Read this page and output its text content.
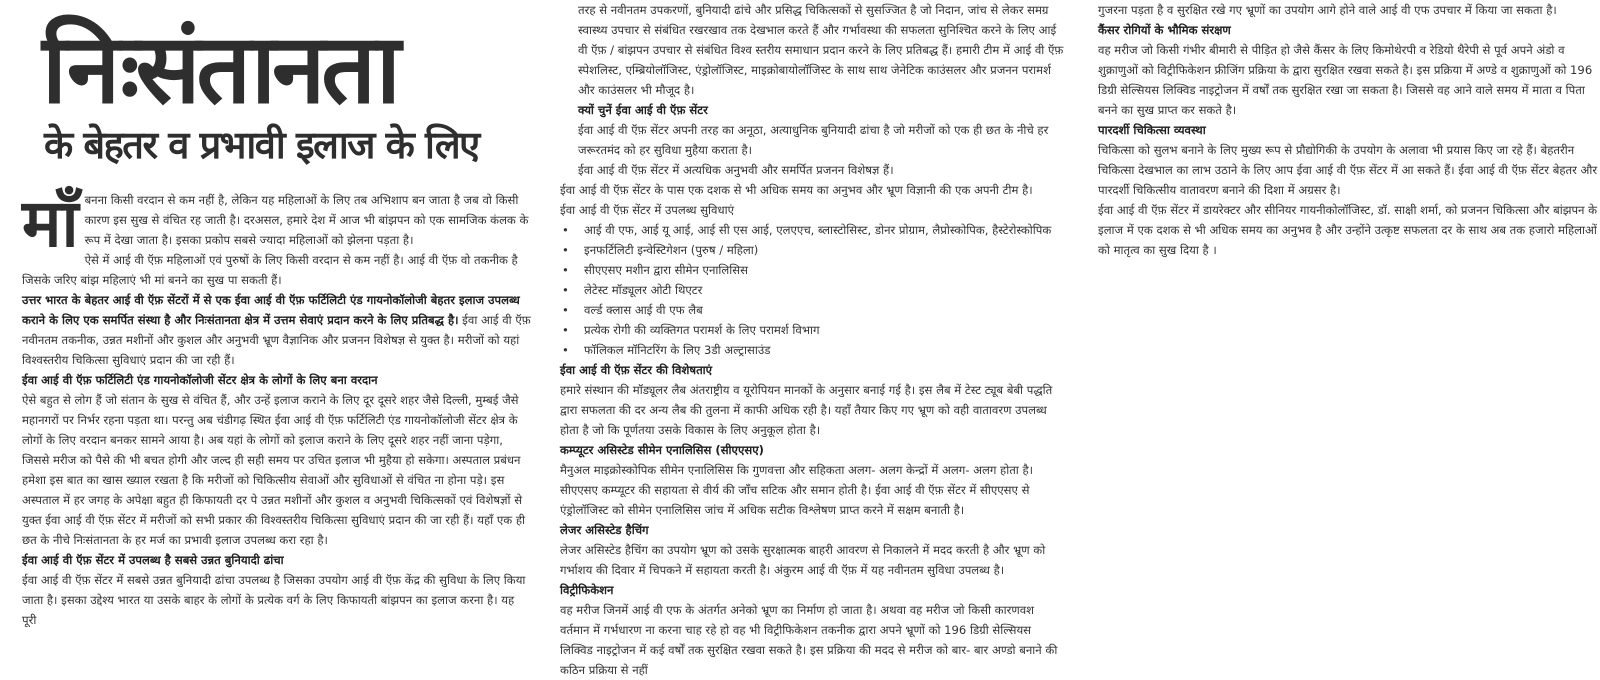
निःसंतानता
के बेहतर व प्रभावी इलाज के लिए

माँ बनना किसी वरदान से कम नहीं है, लेकिन यह महिलाओं के लिए तब अभिशाप बन जाता है जब वो किसी कारण इस सुख से वंचित रह जाती है। दरअसल, हमारे देश में आज भी बांझपन को एक सामजिक कंलक के रूप में देखा जाता है। इसका प्रकोप सबसे ज्यादा महिलाओं को झेलना पड़ता है।

ऐसे में आई वी ऍफ़ महिलाओं एवं पुरुषों के लिए किसी वरदान से कम नहीं है। आई वी ऍफ़ वो तकनीक है जिसके जरिए बांझ महिलाएं भी मां बनने का सुख पा सकती हैं।

उत्तर भारत के बेहतर आई वी ऍफ़ सेंटरों में से एक ईवा आई वी ऍफ़ फर्टिलिटी एंड गायनोकॉलोजी बेहतर इलाज उपलब्ध कराने के लिए एक समर्पित संस्था है और निःसंतानता क्षेत्र में उत्तम सेवाएं प्रदान करने के लिए प्रतिबद्ध है। ईवा आई वी ऍफ़ नवीनतम तकनीक, उन्नत मशीनों और कुशल और अनुभवी भ्रूण वैज्ञानिक और प्रजनन विशेषज्ञ से युक्त है। मरीजों को यहां विश्वस्तरीय चिकित्सा सुविधाएं प्रदान की जा रही हैं।

ईवा आई वी ऍफ़ फर्टिलिटी एंड गायनोकॉलोजी सेंटर क्षेत्र के लोगों के लिए बना वरदान

ऐसे बहुत से लोग हैं जो संतान के सुख से वंचित हैं, और उन्हें इलाज कराने के लिए दूर दूसरे शहर जैसे दिल्ली, मुम्बई जैसे महानगरों पर निर्भर रहना पड़ता था। परन्तु अब चंडीगढ़ स्थित ईवा आई वी ऍफ़ फर्टिलिटी एंड गायनोकॉलोजी सेंटर क्षेत्र के लोगों के लिए वरदान बनकर सामने आया है। अब यहां के लोगों को इलाज कराने के लिए दूसरे शहर नहीं जाना पड़ेगा, जिससे मरीज को पैसे की भी बचत होगी और जल्द ही सही समय पर उचित इलाज भी मुहैया हो सकेगा। अस्पताल प्रबंधन हमेशा इस बात का खास ख्याल रखता है कि मरीजों को चिकित्सीय सेवाओं और सुविधाओं से वंचित ना होना पड़े। इस अस्पताल में हर जगह के अपेक्षा बहुत ही किफायती दर पे उन्नत मशीनों और कुशल व अनुभवी चिकित्सकों एवं विशेषज्ञों से युक्त ईवा आई वी ऍफ़ सेंटर में मरीजों को सभी प्रकार की विश्वस्तरीय चिकित्सा सुविधाएं प्रदान की जा रही हैं। यहाँ एक ही छत के नीचे निःसंतानता के हर मर्ज का प्रभावी इलाज उपलब्ध करा रहा है।

ईवा आई वी ऍफ़ सेंटर में उपलब्ध है सबसे उन्नत बुनियादी ढांचा

ईवा आई वी ऍफ़ सेंटर में सबसे उन्नत बुनियादी ढांचा उपलब्ध है जिसका उपयोग आई वी ऍफ़ केंद्र की सुविधा के लिए किया जाता है। इसका उद्देश्य भारत या उसके बाहर के लोगों के प्रत्येक वर्ग के लिए किफायती बांझपन का इलाज करना है। यह पूरी

तरह से नवीनतम उपकरणों, बुनियादी ढांचे और प्रसिद्ध चिकित्सकों से सुसज्जित है जो निदान, जांच से लेकर समग्र स्वास्थ्य उपचार से संबंधित रखरखाव तक देखभाल करते हैं और गर्भावस्था की सफलता सुनिश्चित करने के लिए आई वी ऍफ़ / बांझपन उपचार से संबंधित विश्व स्तरीय समाधान प्रदान करने के लिए प्रतिबद्ध हैं। हमारी टीम में आई वी ऍफ़ स्पेशलिस्ट, एम्ब्रियोलॉजिस्ट, एंड्रोलॉजिस्ट, माइक्रोबायोलॉजिस्ट के साथ साथ जेनेटिक काउंसलर और प्रजनन परामर्श और काउंसलर भी मौजूद है।

क्यों चुनें ईवा आई वी ऍफ़ सेंटर

ईवा आई वी ऍफ़ सेंटर अपनी तरह का अनूठा, अत्याधुनिक बुनियादी ढांचा है जो मरीजों को एक ही छत के नीचे हर जरूरतमंद को हर सुविधा मुहैया कराता है।

ईवा आई वी ऍफ़ सेंटर में अत्यधिक अनुभवी और समर्पित प्रजनन विशेषज्ञ हैं।

ईवा आई वी ऍफ़ सेंटर के पास एक दशक से भी अधिक समय का अनुभव और भ्रूण विज्ञानी की एक अपनी टीम है।

ईवा आई वी ऍफ़ सेंटर में उपलब्ध सुविधाएं

• आई वी एफ, आई यू आई, आई सी एस आई, एलएएच, ब्लास्टोसिस्ट, डोनर प्रोग्राम, लैप्रोस्कोपिक, हैस्टेरोस्कोपिक
• इनफर्टिलिटी इन्वेस्टिगेशन (पुरुष / महिला)
• सीएएसए मशीन द्वारा सीमेन एनालिसिस
• लेटेस्ट मॉड्यूलर ओटी थिएटर
• वर्ल्ड क्लास आई वी एफ लैब
• प्रत्येक रोगी की व्यक्तिगत परामर्श के लिए परामर्श विभाग
• फॉलिकल मॉनिटरिंग के लिए 3डी अल्ट्रासाउंड
ईवा आई वी ऍफ़ सेंटर की विशेषताएं

हमारे संस्थान की मॉड्यूलर लैब अंतराष्ट्रीय व यूरोपियन मानकों के अनुसार बनाई गई है। इस लैब में टेस्ट ट्यूब बेबी पद्धति द्वारा सफलता की दर अन्य लैब की तुलना में काफी अधिक रही है। यहाँ तैयार किए गए भ्रूण को वही वातावरण उपलब्ध होता है जो कि पूर्णतया उसके विकास के लिए अनुकूल होता है।

कम्प्यूटर असिस्टेड सीमेन एनालिसिस (सीएएसए)

मैनुअल माइक्रोस्कोपिक सीमेन एनालिसिस कि गुणवत्ता और सहिकता अलग- अलग केन्द्रों में अलग- अलग होता है। सीएएसए कम्प्यूटर की सहायता से वीर्य की जाँच सटिक और समान होती है। ईवा आई वी ऍफ़ सेंटर में सीएएसए से एंड्रोलॉजिस्ट को सीमेन एनालिसिस जांच में अधिक सटीक विश्लेषण प्राप्त करने में सक्षम बनाती है।

लेजर असिस्टेड हैचिंग

लेजर असिस्टेड हैचिंग का उपयोग भ्रूण को उसके सुरक्षात्मक बाहरी आवरण से निकालने में मदद करती है और भ्रूण को गर्भाशय की दिवार में चिपकने में सहायता करती है। अंकुरम आई वी ऍफ़ में यह नवीनतम सुविधा उपलब्ध है।

विट्रीफिकेशन

वह मरीज जिनमें आई वी एफ के अंतर्गत अनेको भ्रूण का निर्माण हो जाता है। अथवा वह मरीज जो किसी कारणवश वर्तमान में गर्भधारण ना करना चाह रहे हो वह भी विट्रीफिकेशन तकनीक द्वारा अपने भ्रूणों को 196 डिग्री सेल्सियस लिक्विड नाइट्रोजन में कई वर्षों तक सुरक्षित रखवा सकते है। इस प्रक्रिया की मदद से मरीज को बार- बार अण्डो बनाने की कठिन प्रक्रिया से नहीं

गुजरना पड़ता है व सुरक्षित रखे गए भ्रूणों का उपयोग आगे होने वाले आई वी एफ उपचार में किया जा सकता है।

कैंसर रोगियों के भौमिक संरक्षण

वह मरीज जो किसी गंभीर बीमारी से पीड़ित हो जैसे कैंसर के लिए किमोथेरपी व रेडियो थैरेपी से पूर्व अपने अंडो व शुक्राणुओं को विट्रीफिकेशन फ्रीजिंग प्रक्रिया के द्वारा सुरक्षित रखवा सकते है। इस प्रक्रिया में अण्डे व शुक्राणुओं को 196 डिग्री सेल्सियस लिक्विड नाइट्रोजन में वर्षों तक सुरक्षित रखा जा सकता है। जिससे वह आने वाले समय में माता व पिता बनने का सुख प्राप्त कर सकते है।

पारदर्शी चिकित्सा व्यवस्था

चिकित्सा को सुलभ बनाने के लिए मुख्य रूप से प्रौद्योगिकी के उपयोग के अलावा भी प्रयास किए जा रहे हैं। बेहतरीन चिकित्सा देखभाल का लाभ उठाने के लिए आप ईवा आई वी ऍफ़ सेंटर में आ सकते हैं। ईवा आई वी ऍफ़ सेंटर बेहतर और पारदर्शी चिकित्सीय वातावरण बनाने की दिशा में अग्रसर है।

ईवा आई वी ऍफ़ सेंटर में डायरेक्टर और सीनियर गायनीकोलॉजिस्ट, डॉ. साक्षी शर्मा, को प्रजनन चिकित्सा और बांझपन के इलाज में एक दशक से भी अधिक समय का अनुभव है और उन्होंने उत्कृष्ट सफलता दर के साथ अब तक हजारो महिलाओं को मातृत्व का सुख दिया है ।
